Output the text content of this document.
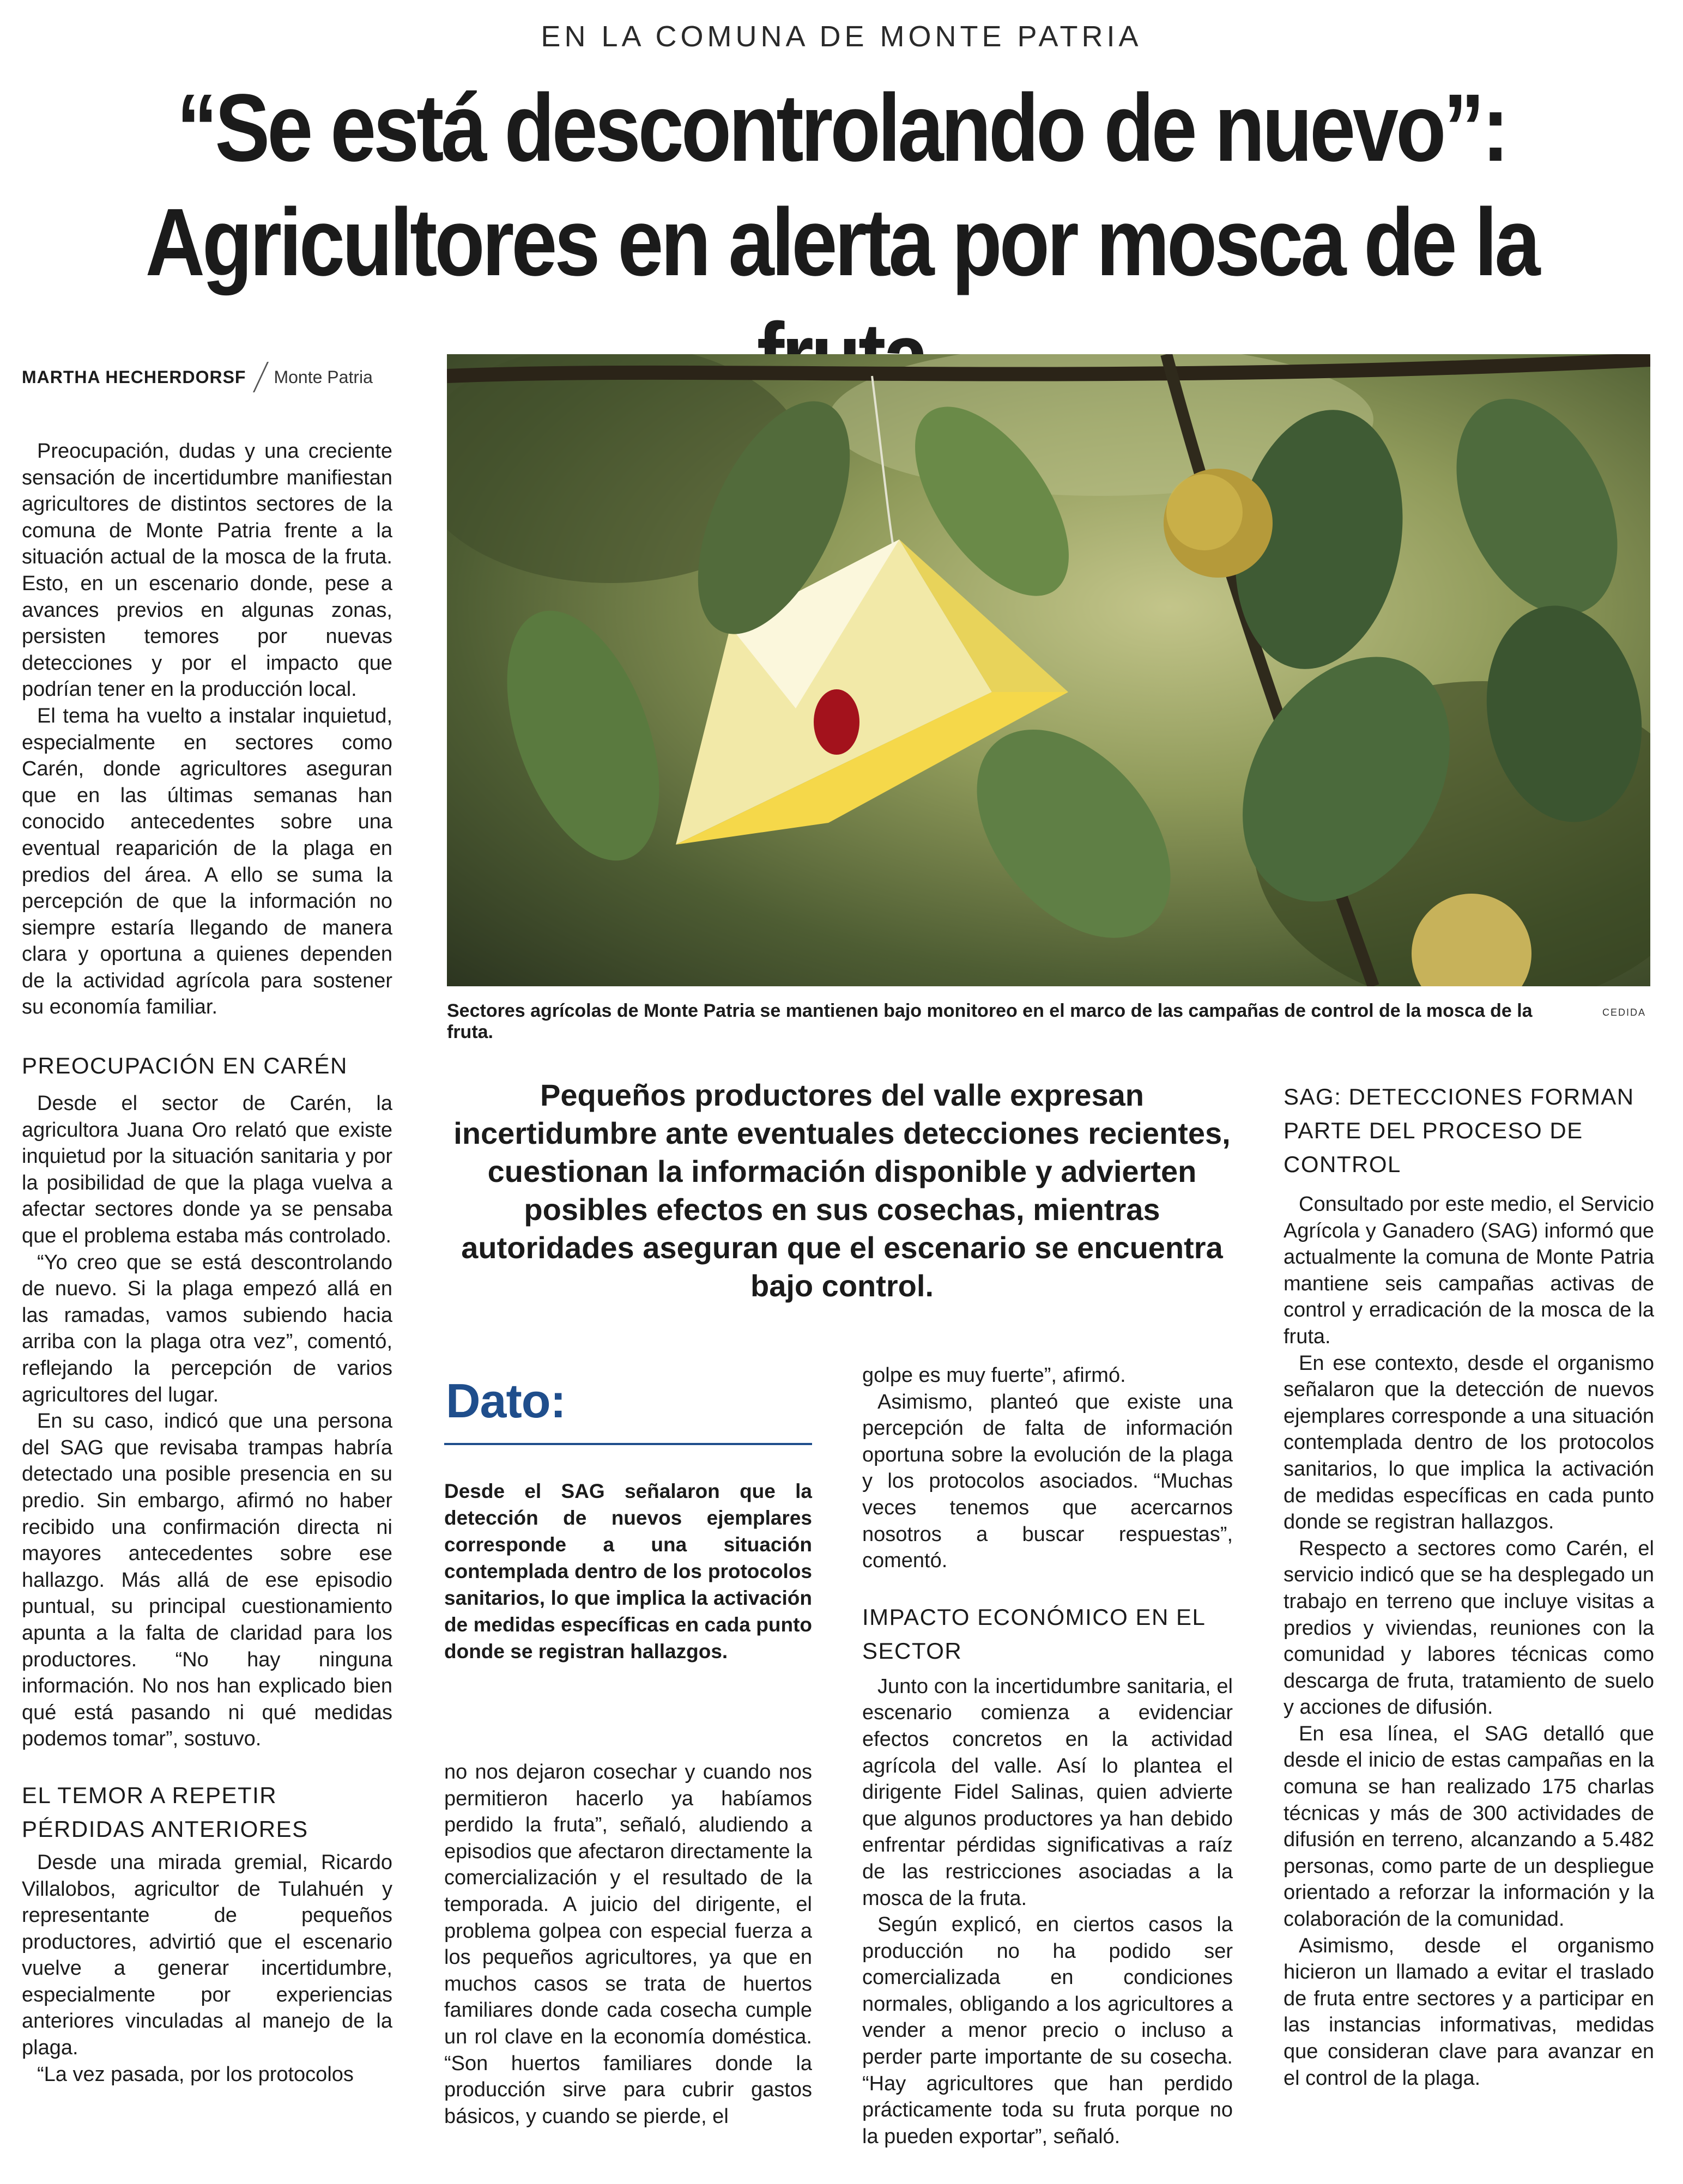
EN LA COMUNA DE MONTE PATRIA
“Se está descontrolando de nuevo”:
Agricultores en alerta por mosca de la
MARTHA HECHERDORSF Monte Patria

Preocupación, dudas y una creciente sensación de incertidumbre manifiestan agricultores de distintos sectores de la comuna de Monte Patria frente a la situación actual de la mosca de la fruta. Esto, en un escenario donde, pese a avances previos en algunas zonas, persisten temores por nuevas detecciones y por el impacto que podrían tener en la producción local.

El tema ha vuelto a instalar inquietud, especialmente en sectores como Carén, donde agricultores aseguran que en las últimas semanas han conocido antecedentes sobre una eventual reaparición de la plaga en predios del área. A ello se suma la percepción de que la información no siempre estaría llegando de manera clara y oportuna a quienes dependen de la actividad agrícola para sostener su economía familiar.

PREOCUPACIÓN EN CARÉN

Desde el sector de Carén, la agricultora Juana Oro relató que existe inquietud por la situación sanitaria y por la posibilidad de que la plaga vuelva a afectar sectores donde ya se pensaba que el problema estaba más controlado.

“Yo creo que se está descontrolando de nuevo. Si la plaga empezó allá en las ramadas, vamos subiendo hacia arriba con la plaga otra vez”, comentó, reflejando la percepción de varios agricultores del lugar.

En su caso, indicó que una persona del SAG que revisaba trampas habría detectado una posible presencia en su predio. Sin embargo, afirmó no haber recibido una confirmación directa ni mayores antecedentes sobre ese hallazgo. Más allá de ese episodio puntual, su principal cuestionamiento apunta a la falta de claridad para los productores. “No hay ninguna información. No nos han explicado bien qué está pasando ni qué medidas podemos tomar”, sostuvo.

EL TEMOR A REPETIR PÉRDIDAS ANTERIORES

Desde una mirada gremial, Ricardo Villalobos, agricultor de Tulahuén y representante de pequeños productores, advirtió que el escenario vuelve a generar incertidumbre, especialmente por experiencias anteriores vinculadas al manejo de la plaga.

“La vez pasada, por los protocolos

Sectores agrícolas de Monte Patria se mantienen bajo monitoreo en el marco de las campañas de control de la mosca de la fruta.
CEDIDA
Pequeños productores del valle expresan incertidumbre ante eventuales detecciones recientes, cuestionan la información disponible y advierten posibles efectos en sus cosechas, mientras autoridades aseguran que el escenario se encuentra bajo control.
Dato:
Desde el SAG señalaron que la detección de nuevos ejemplares corresponde a una situación contemplada dentro de los protocolos sanitarios, lo que implica la activación de medidas específicas en cada punto donde se registran hallazgos.

no nos dejaron cosechar y cuando nos permitieron hacerlo ya habíamos perdido la fruta”, señaló, aludiendo a episodios que afectaron directamente la comercialización y el resultado de la temporada. A juicio del dirigente, el problema golpea con especial fuerza a los pequeños agricultores, ya que en muchos casos se trata de huertos familiares donde cada cosecha cumple un rol clave en la economía doméstica. “Son huertos familiares donde la producción sirve para cubrir gastos básicos, y cuando se pierde, el

golpe es muy fuerte”, afirmó.

Asimismo, planteó que existe una percepción de falta de información oportuna sobre la evolución de la plaga y los protocolos asociados. “Muchas veces tenemos que acercarnos nosotros a buscar respuestas”, comentó.

IMPACTO ECONÓMICO EN EL SECTOR

Junto con la incertidumbre sanitaria, el escenario comienza a evidenciar efectos concretos en la actividad agrícola del valle. Así lo plantea el dirigente Fidel Salinas, quien advierte que algunos productores ya han debido enfrentar pérdidas significativas a raíz de las restricciones asociadas a la mosca de la fruta.

Según explicó, en ciertos casos la producción no ha podido ser comercializada en condiciones normales, obligando a los agricultores a vender a menor precio o incluso a perder parte importante de su cosecha. “Hay agricultores que han perdido prácticamente toda su fruta porque no la pueden exportar”, señaló.

SAG: DETECCIONES FORMAN PARTE DEL PROCESO DE CONTROL

Consultado por este medio, el Servicio Agrícola y Ganadero (SAG) informó que actualmente la comuna de Monte Patria mantiene seis campañas activas de control y erradicación de la mosca de la fruta.

En ese contexto, desde el organismo señalaron que la detección de nuevos ejemplares corresponde a una situación contemplada dentro de los protocolos sanitarios, lo que implica la activación de medidas específicas en cada punto donde se registran hallazgos.

Respecto a sectores como Carén, el servicio indicó que se ha desplegado un trabajo en terreno que incluye visitas a predios y viviendas, reuniones con la comunidad y labores técnicas como descarga de fruta, tratamiento de suelo y acciones de difusión.

En esa línea, el SAG detalló que desde el inicio de estas campañas en la comuna se han realizado 175 charlas técnicas y más de 300 actividades de difusión en terreno, alcanzando a 5.482 personas, como parte de un despliegue orientado a reforzar la información y la colaboración de la comunidad.

Asimismo, desde el organismo hicieron un llamado a evitar el traslado de fruta entre sectores y a participar en las instancias informativas, medidas que consideran clave para avanzar en el control de la plaga.
